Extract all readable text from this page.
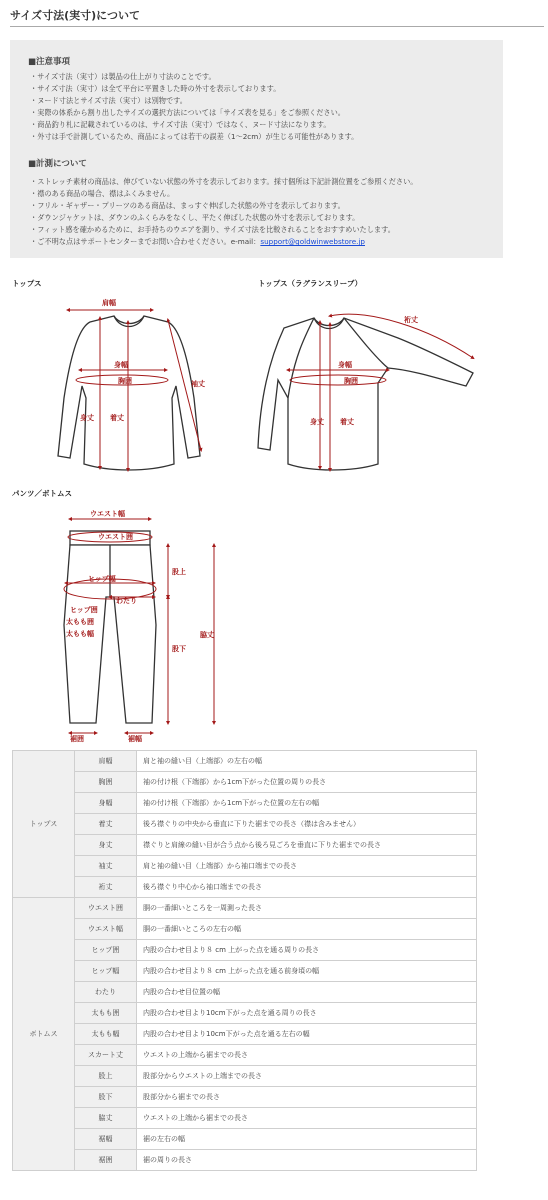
サイズ寸法(実寸)について
■注意事項
・サイズ寸法（実寸）は製品の仕上がり寸法のことです。
・サイズ寸法（実寸）は全て平台に平置きした時の外寸を表示しております。
・ヌード寸法とサイズ寸法（実寸）は別物です。
・実際の体系から割り出したサイズの選択方法については「サイズ表を見る」をご参照ください。
・商品釣り札に記載されているのは、サイズ寸法（実寸）ではなく、ヌード寸法になります。
・外寸は手で計測しているため、商品によっては若干の誤差（1〜2cm）が生じる可能性があります。
■計測について
・ストレッチ素材の商品は、伸びていない状態の外寸を表示しております。採寸個所は下記計測位置をご参照ください。
・襟のある商品の場合、襟はふくみません。
・フリル・ギャザー・プリーツのある商品は、まっすぐ伸ばした状態の外寸を表示しております。
・ダウンジャケットは、ダウンのふくらみをなくし、平たく伸ばした状態の外寸を表示しております。
・フィット感を確かめるために、お手持ちのウエアを測り、サイズ寸法を比較されることをおすすめいたします。
・ご不明な点はサポートセンターまでお問い合わせください。e-mail：support@goldwinwebstore.jp
トップス	トップス（ラグランスリーブ）
肩幅
身幅
胸囲	袖丈
身丈 着丈
裄丈
身幅
胸囲
身丈 着丈
パンツ／ボトムス
ウエスト幅
ウエスト囲
股上
ヒップ幅
わたり
ヒップ囲
太もも囲
太もも幅
股下
脇丈
裾囲	裾幅
トップス	肩幅	肩と袖の縫い目（上端部）の左右の幅
	胸囲	袖の付け根（下端部）から1cm下がった位置の周りの長さ
	身幅	袖の付け根（下端部）から1cm下がった位置の左右の幅
	着丈	後ろ襟ぐりの中央から垂直に下りた裾までの長さ（襟は含みません）
	身丈	襟ぐりと肩線の縫い目が合う点から後ろ見ごろを垂直に下りた裾までの長さ
	袖丈	肩と袖の縫い目（上端部）から袖口端までの長さ
	裄丈	後ろ襟ぐり中心から袖口端までの長さ
ボトムス	ウエスト囲	胴の一番細いところを一周測った長さ
	ウエスト幅	胴の一番細いところの左右の幅
	ヒップ囲	内股の合わせ目より８ cm 上がった点を通る周りの長さ
	ヒップ幅	内股の合わせ目より８ cm 上がった点を通る前身頃の幅
	わたり	内股の合わせ目位置の幅
	太もも囲	内股の合わせ目より10cm下がった点を通る周りの長さ
	太もも幅	内股の合わせ目より10cm下がった点を通る左右の幅
	スカート丈	ウエストの上端から裾までの長さ
	股上	股部分からウエストの上端までの長さ
	股下	股部分から裾までの長さ
	脇丈	ウエストの上端から裾までの長さ
	裾幅	裾の左右の幅
	裾囲	裾の周りの長さ
